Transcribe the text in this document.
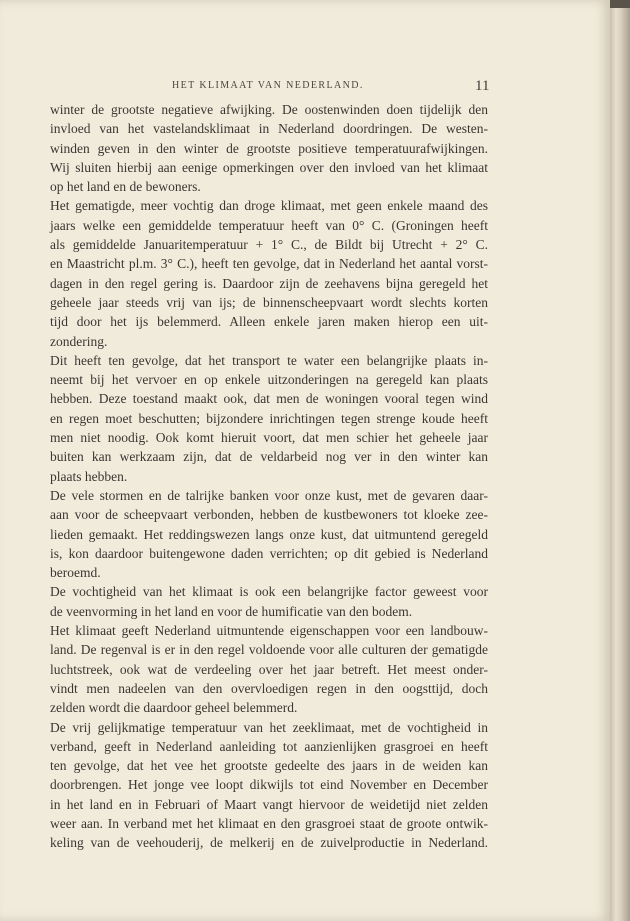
HET KLIMAAT VAN NEDERLAND.	11
winter de grootste negatieve afwijking. De oostenwinden doen tijdelijk den
invloed van het vastelandsklimaat in Nederland doordringen. De westen-
winden geven in den winter de grootste positieve temperatuurafwijkingen.
Wij sluiten hierbij aan eenige opmerkingen over den invloed van het klimaat
op het land en de bewoners.
Het gematigde, meer vochtig dan droge klimaat, met geen enkele maand des
jaars welke een gemiddelde temperatuur heeft van 0° C. (Groningen heeft
als gemiddelde Januaritemperatuur + 1° C., de Bildt bij Utrecht + 2° C.
en Maastricht pl.m. 3° C.), heeft ten gevolge, dat in Nederland het aantal vorst-
dagen in den regel gering is. Daardoor zijn de zeehavens bijna geregeld het
geheele jaar steeds vrij van ijs; de binnenscheepvaart wordt slechts korten
tijd door het ijs belemmerd. Alleen enkele jaren maken hierop een uit-
zondering.
Dit heeft ten gevolge, dat het transport te water een belangrijke plaats in-
neemt bij het vervoer en op enkele uitzonderingen na geregeld kan plaats
hebben. Deze toestand maakt ook, dat men de woningen vooral tegen wind
en regen moet beschutten; bijzondere inrichtingen tegen strenge koude heeft
men niet noodig. Ook komt hieruit voort, dat men schier het geheele jaar
buiten kan werkzaam zijn, dat de veldarbeid nog ver in den winter kan
plaats hebben.
De vele stormen en de talrijke banken voor onze kust, met de gevaren daar-
aan voor de scheepvaart verbonden, hebben de kustbewoners tot kloeke zee-
lieden gemaakt. Het reddingswezen langs onze kust, dat uitmuntend geregeld
is, kon daardoor buitengewone daden verrichten; op dit gebied is Nederland
beroemd.
De vochtigheid van het klimaat is ook een belangrijke factor geweest voor
de veenvorming in het land en voor de humificatie van den bodem.
Het klimaat geeft Nederland uitmuntende eigenschappen voor een landbouw-
land. De regenval is er in den regel voldoende voor alle culturen der gematigde
luchtstreek, ook wat de verdeeling over het jaar betreft. Het meest onder-
vindt men nadeelen van den overvloedigen regen in den oogsttijd, doch
zelden wordt die daardoor geheel belemmerd.
De vrij gelijkmatige temperatuur van het zeeklimaat, met de vochtigheid in
verband, geeft in Nederland aanleiding tot aanzienlijken grasgroei en heeft
ten gevolge, dat het vee het grootste gedeelte des jaars in de weiden kan
doorbrengen. Het jonge vee loopt dikwijls tot eind November en December
in het land en in Februari of Maart vangt hiervoor de weidetijd niet zelden
weer aan. In verband met het klimaat en den grasgroei staat de groote ontwik-
keling van de veehouderij, de melkerij en de zuivelproductie in Nederland.
